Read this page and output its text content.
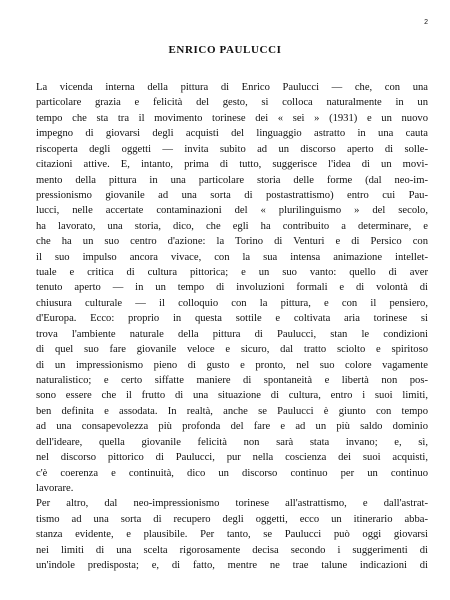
2
ENRICO PAULUCCI
La vicenda interna della pittura di Enrico Paulucci — che, con una
particolare grazia e felicità del gesto, si colloca naturalmente in un
tempo che sta tra il movimento torinese dei « sei » (1931) e un nuovo
impegno di giovarsi degli acquisti del linguaggio astratto in una cauta
riscoperta degli oggetti — invita subito ad un discorso aperto di solle-
citazioni attive. E, intanto, prima di tutto, suggerisce l'idea di un movi-
mento della pittura in una particolare storia delle forme (dal neo-im-
pressionismo giovanile ad una sorta di postastrattismo) entro cui Pau-
lucci, nelle accertate contaminazioni del « plurilinguismo » del secolo,
ha lavorato, una storia, dico, che egli ha contribuito a determinare, e
che ha un suo centro d'azione: la Torino di Venturi e di Persico con
il suo impulso ancora vivace, con la sua intensa animazione intellet-
tuale e critica di cultura pittorica; e un suo vanto: quello di aver
tenuto aperto — in un tempo di involuzioni formali e di volontà di
chiusura culturale — il colloquio con la pittura, e con il pensiero,
d'Europa. Ecco: proprio in questa sottile e coltivata aria torinese si
trova l'ambiente naturale della pittura di Paulucci, stan le condizioni
di quel suo fare giovanile veloce e sicuro, dal tratto sciolto e spiritoso
di un impressionismo pieno di gusto e pronto, nel suo colore vagamente
naturalistico; e certo siffatte maniere di spontaneità e libertà non pos-
sono essere che il frutto di una situazione di cultura, entro i suoi limiti,
ben definita e assodata. In realtà, anche se Paulucci è giunto con tempo
ad una consapevolezza più profonda del fare e ad un più saldo dominio
dell'ideare, quella giovanile felicità non sarà stata invano; e, sì,
nel discorso pittorico di Paulucci, pur nella coscienza dei suoi acquisti,
c'è coerenza e continuità, dico un discorso continuo per un continuo
lavorare.
Per altro, dal neo-impressionismo torinese all'astrattismo, e dall'astrat-
tismo ad una sorta di recupero degli oggetti, ecco un itinerario abba-
stanza evidente, e plausibile. Per tanto, se Paulucci può oggi giovarsi
nei limiti di una scelta rigorosamente decisa secondo i suggerimenti di
un'indole predisposta; e, di fatto, mentre ne trae talune indicazioni di
